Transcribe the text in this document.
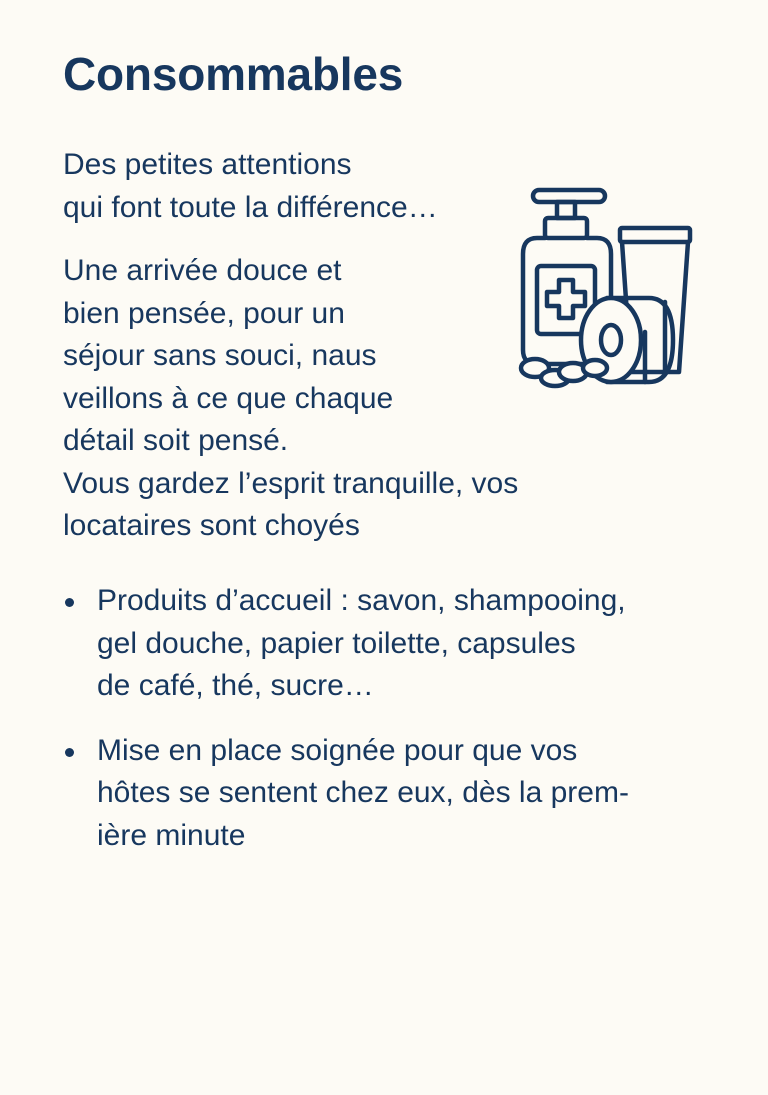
Consommables

Des petites attentions
qui font toute la différence…

Une arrivée douce et
bien pensée, pour un
séjour sans souci, naus
veillons à ce que chaque
détail soit pensé.
Vous gardez l’esprit tranquille, vos
locataires sont choyés

Produits d’accueil : savon, shampooing,
gel douche, papier toilette, capsules
de café, thé, sucre…
Mise en place soignée pour que vos
hôtes se sentent chez eux, dès la prem-
ière minute
